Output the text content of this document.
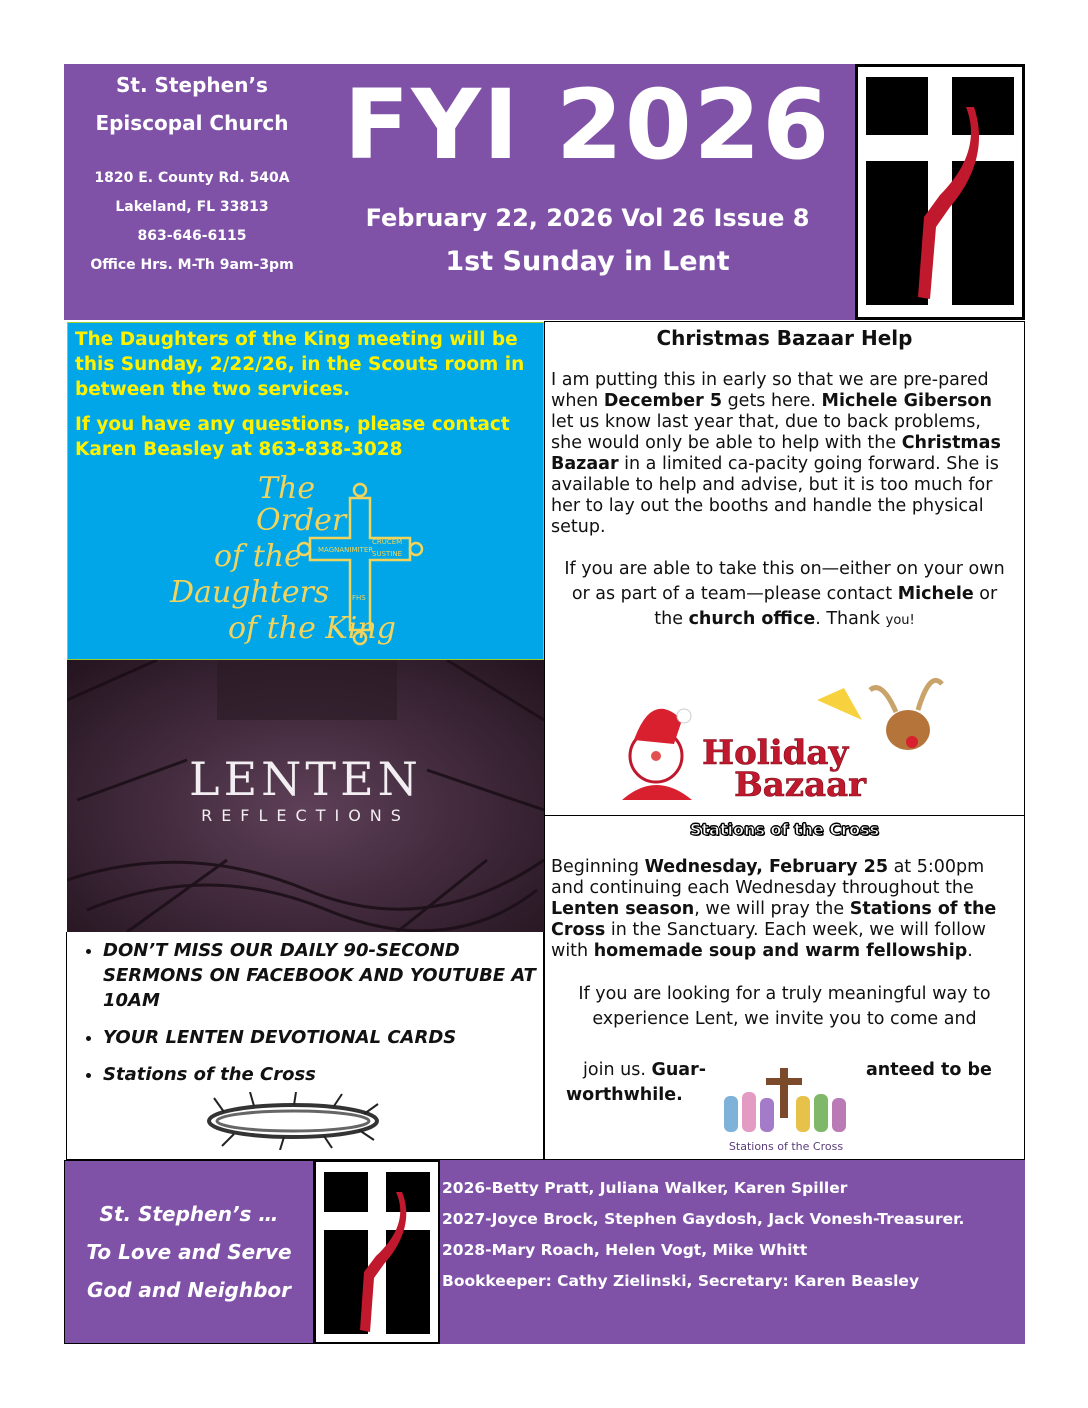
St. Stephen’s
Episcopal Church
1820 E. County Rd. 540A
Lakeland, FL 33813
863-646-6115
Office Hrs. M-Th 9am-3pm
FYI 2026
February 22, 2026 Vol 26 Issue 8
1st Sunday in Lent

The Daughters of the King meeting will be this Sunday, 2/22/26, in the Scouts room in between the two services.

If you have any questions, please contact Karen Beasley at 863-838-3028

The
Order
of the
Daughters
of the King
MAGNANIMITER
CRUCEM
SUSTINE
FHS
LENTEN
REFLECTIONS
• DON’T MISS OUR DAILY 90-SECOND SERMONS ON FACEBOOK AND YOUTUBE AT 10AM
• YOUR LENTEN DEVOTIONAL CARDS
• Stations of the Cross
Christmas Bazaar Help
I am putting this in early so that we are pre-pared when December 5 gets here. Michele Giberson let us know last year that, due to back problems, she would only be able to help with the Christmas Bazaar in a limited ca-pacity going forward. She is available to help and advise, but it is too much for her to lay out the booths and handle the physical setup.
If you are able to take this on—either on your own or as part of a team—please contact Michele or the church office. Thank you!
Holiday
Bazaar
Stations of the Cross
Beginning Wednesday, February 25 at 5:00pm and continuing each Wednesday throughout the Lenten season, we will pray the Stations of the Cross in the Sanctuary. Each week, we will follow with homemade soup and warm fellowship.
If you are looking for a truly meaningful way to experience Lent, we invite you to come and
join us. Guar-	anteed to be
worthwhile.
Stations of the Cross
St. Stephen’s …
To Love and Serve
God and Neighbor
2026-Betty Pratt, Juliana Walker, Karen Spiller
2027-Joyce Brock, Stephen Gaydosh, Jack Vonesh-Treasurer.
2028-Mary Roach, Helen Vogt, Mike Whitt
Bookkeeper: Cathy Zielinski, Secretary: Karen Beasley
